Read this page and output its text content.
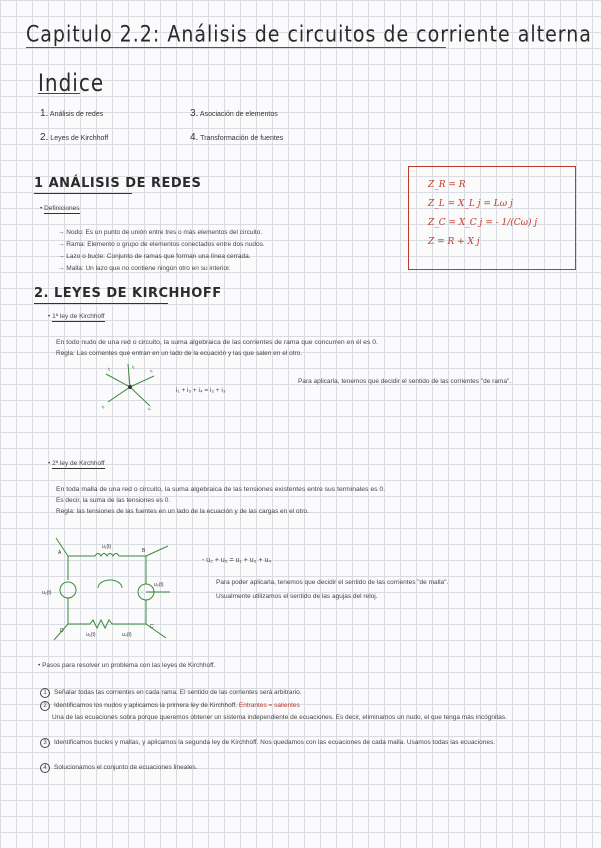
Capitulo 2.2: Análisis de circuitos de corriente alterna
Indice
1. Análisis de redes
2. Leyes de Kirchhoff
3. Asociación de elementos
4. Transformación de fuentes
Z_R = R
Z_L = X_L j = Lω j
Z_C = X_C j = - 1/(Cω) j
Z = R + X j
1 ANÁLISIS DE REDES
• Definiciones
→ Nodo: Es un punto de unión entre tres o más elementos del circuito.
→ Rama: Elemento o grupo de elementos conectados entre dos nudos.
→ Lazo o bucle: Conjunto de ramas que forman una línea cerrada.
→ Malla: Un lazo que no contiene ningún otro en su interior.
2. LEYES DE KIRCHHOFF
• 1ª ley de Kirchhoff
En todo nudo de una red o circuito, la suma algebraica de las corrientes de rama que concurren en él es 0.
Regla: Las corrientes que entran en un lado de la ecuación y las que salen en el otro.
i₁	i₂
i₃
i₄
i₅
i₁ + i₅ + i₄ = i₂ + i₃
Para aplicarla, tenemos que decidir el sentido de las corrientes "de rama".
• 2ª ley de Kirchhoff
En toda malla de una red o circuito, la suma algebraica de las tensiones existentes entre sus terminales es 0.
Es decir, la suma de las tensiones es 0.
Regla: las tensiones de las fuentes en un lado de la ecuación y de las cargas en el otro.
A	B
C
D
u₁(t)
u₂(t)
u₃(t)
u₄(t)
u₅(t)
- u₂ + u₅ = u₁ + u₃ + u₄
Para poder aplicarla, tenemos que decidir el sentido de las corrientes "de malla".
Usualmente utilizamos el sentido de las agujas del reloj.
• Pasos para resolver un problema con las leyes de Kirchhoff.
1 Señalar todas las corrientes en cada rama. El sentido de las corrientes será arbitrario.
2 Identificamos los nudos y aplicamos la primera ley de Kirchhoff. Entrantes = salientes
Una de las ecuaciones sobra porque queremos obtener un sistema independiente de ecuaciones. Es decir, eliminamos un nudo, el que tenga más incógnitas.
3 Identificamos bucles y mallas, y aplicamos la segunda ley de Kirchhoff. Nos quedamos con las ecuaciones de cada malla. Usamos todas las ecuaciones.
4 Solucionamos el conjunto de ecuaciones lineales.
